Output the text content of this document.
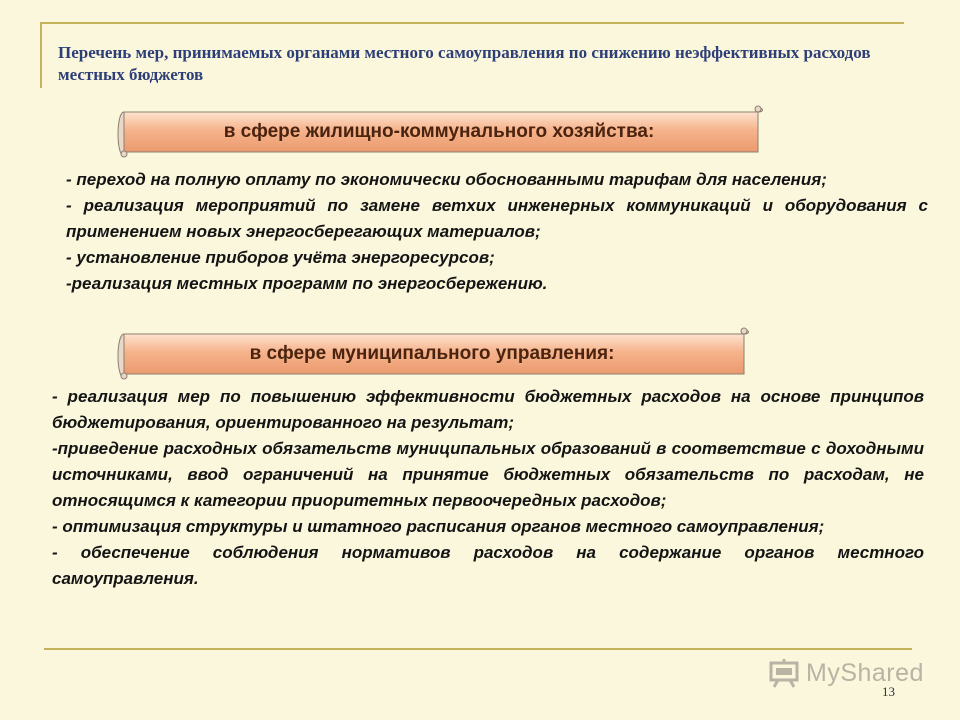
Перечень мер, принимаемых органами местного самоуправления по снижению неэффективных расходов местных бюджетов
в сфере жилищно-коммунального хозяйства:
- переход на полную оплату по экономически обоснованными тарифам для населения;
- реализация мероприятий по замене ветхих инженерных коммуникаций и оборудования с применением новых энергосберегающих материалов;
- установление приборов учёта энергоресурсов;
-реализация местных программ по энергосбережению.
в сфере муниципального управления:
- реализация мер по повышению эффективности бюджетных расходов на основе принципов бюджетирования, ориентированного на результат;
-приведение расходных обязательств муниципальных образований в соответствие с доходными источниками, ввод ограничений на принятие бюджетных обязательств по расходам, не относящимся к категории приоритетных первоочередных расходов;
- оптимизация структуры и штатного расписания органов местного самоуправления;
- обеспечение соблюдения нормативов расходов на содержание органов местного самоуправления.
MyShared
13
